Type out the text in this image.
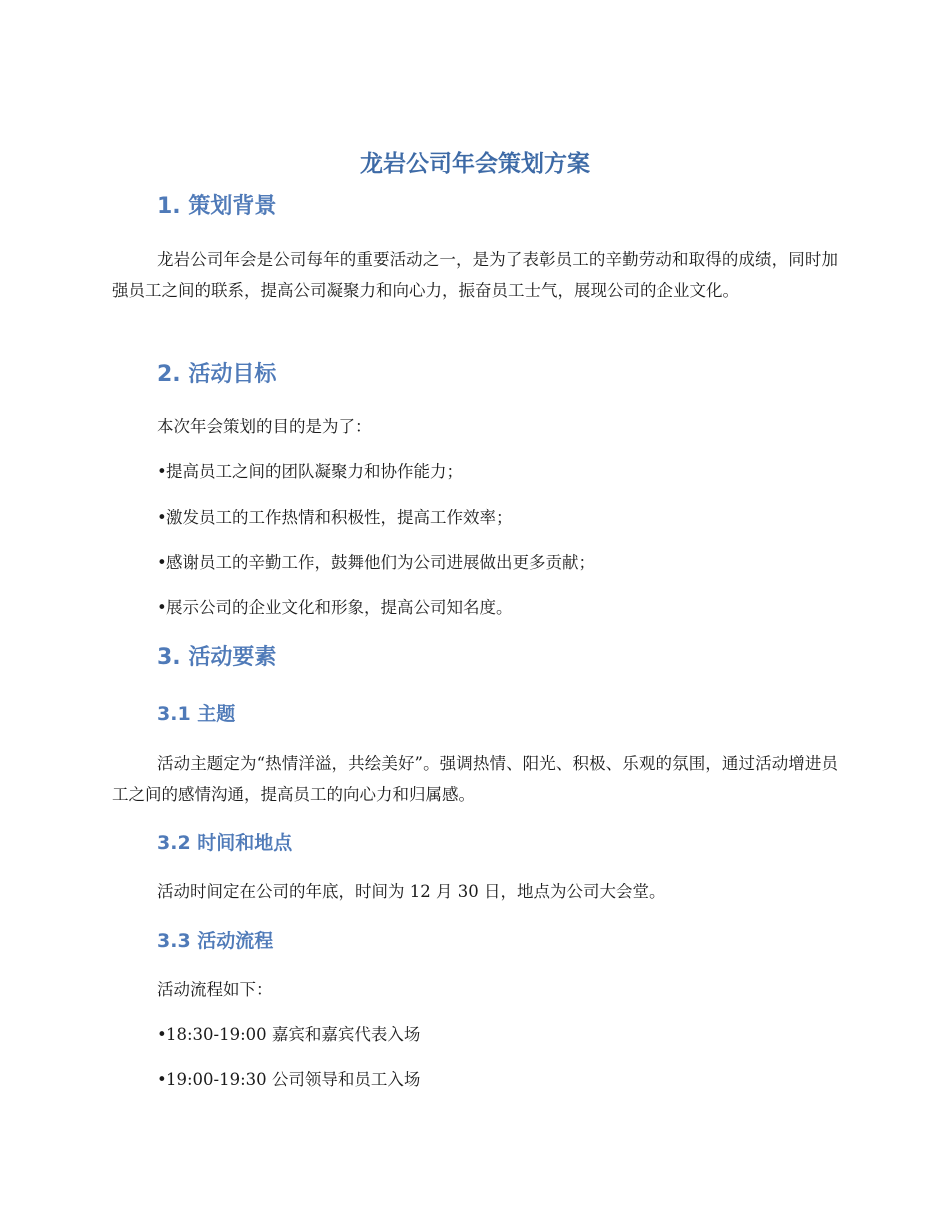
龙岩公司年会策划方案
1. 策划背景
龙岩公司年会是公司每年的重要活动之一，是为了表彰员工的辛勤劳动和取得的成绩，同时加强员工之间的联系，提高公司凝聚力和向心力，振奋员工士气，展现公司的企业文化。
2. 活动目标
本次年会策划的目的是为了：
•提高员工之间的团队凝聚力和协作能力；
•激发员工的工作热情和积极性，提高工作效率；
•感谢员工的辛勤工作，鼓舞他们为公司进展做出更多贡献；
•展示公司的企业文化和形象，提高公司知名度。
3. 活动要素
3.1 主题
活动主题定为“热情洋溢，共绘美好”。强调热情、阳光、积极、乐观的氛围，通过活动增进员工之间的感情沟通，提高员工的向心力和归属感。
3.2 时间和地点
活动时间定在公司的年底，时间为 12 月 30 日，地点为公司大会堂。
3.3 活动流程
活动流程如下：
•18:30-19:00 嘉宾和嘉宾代表入场
•19:00-19:30 公司领导和员工入场
